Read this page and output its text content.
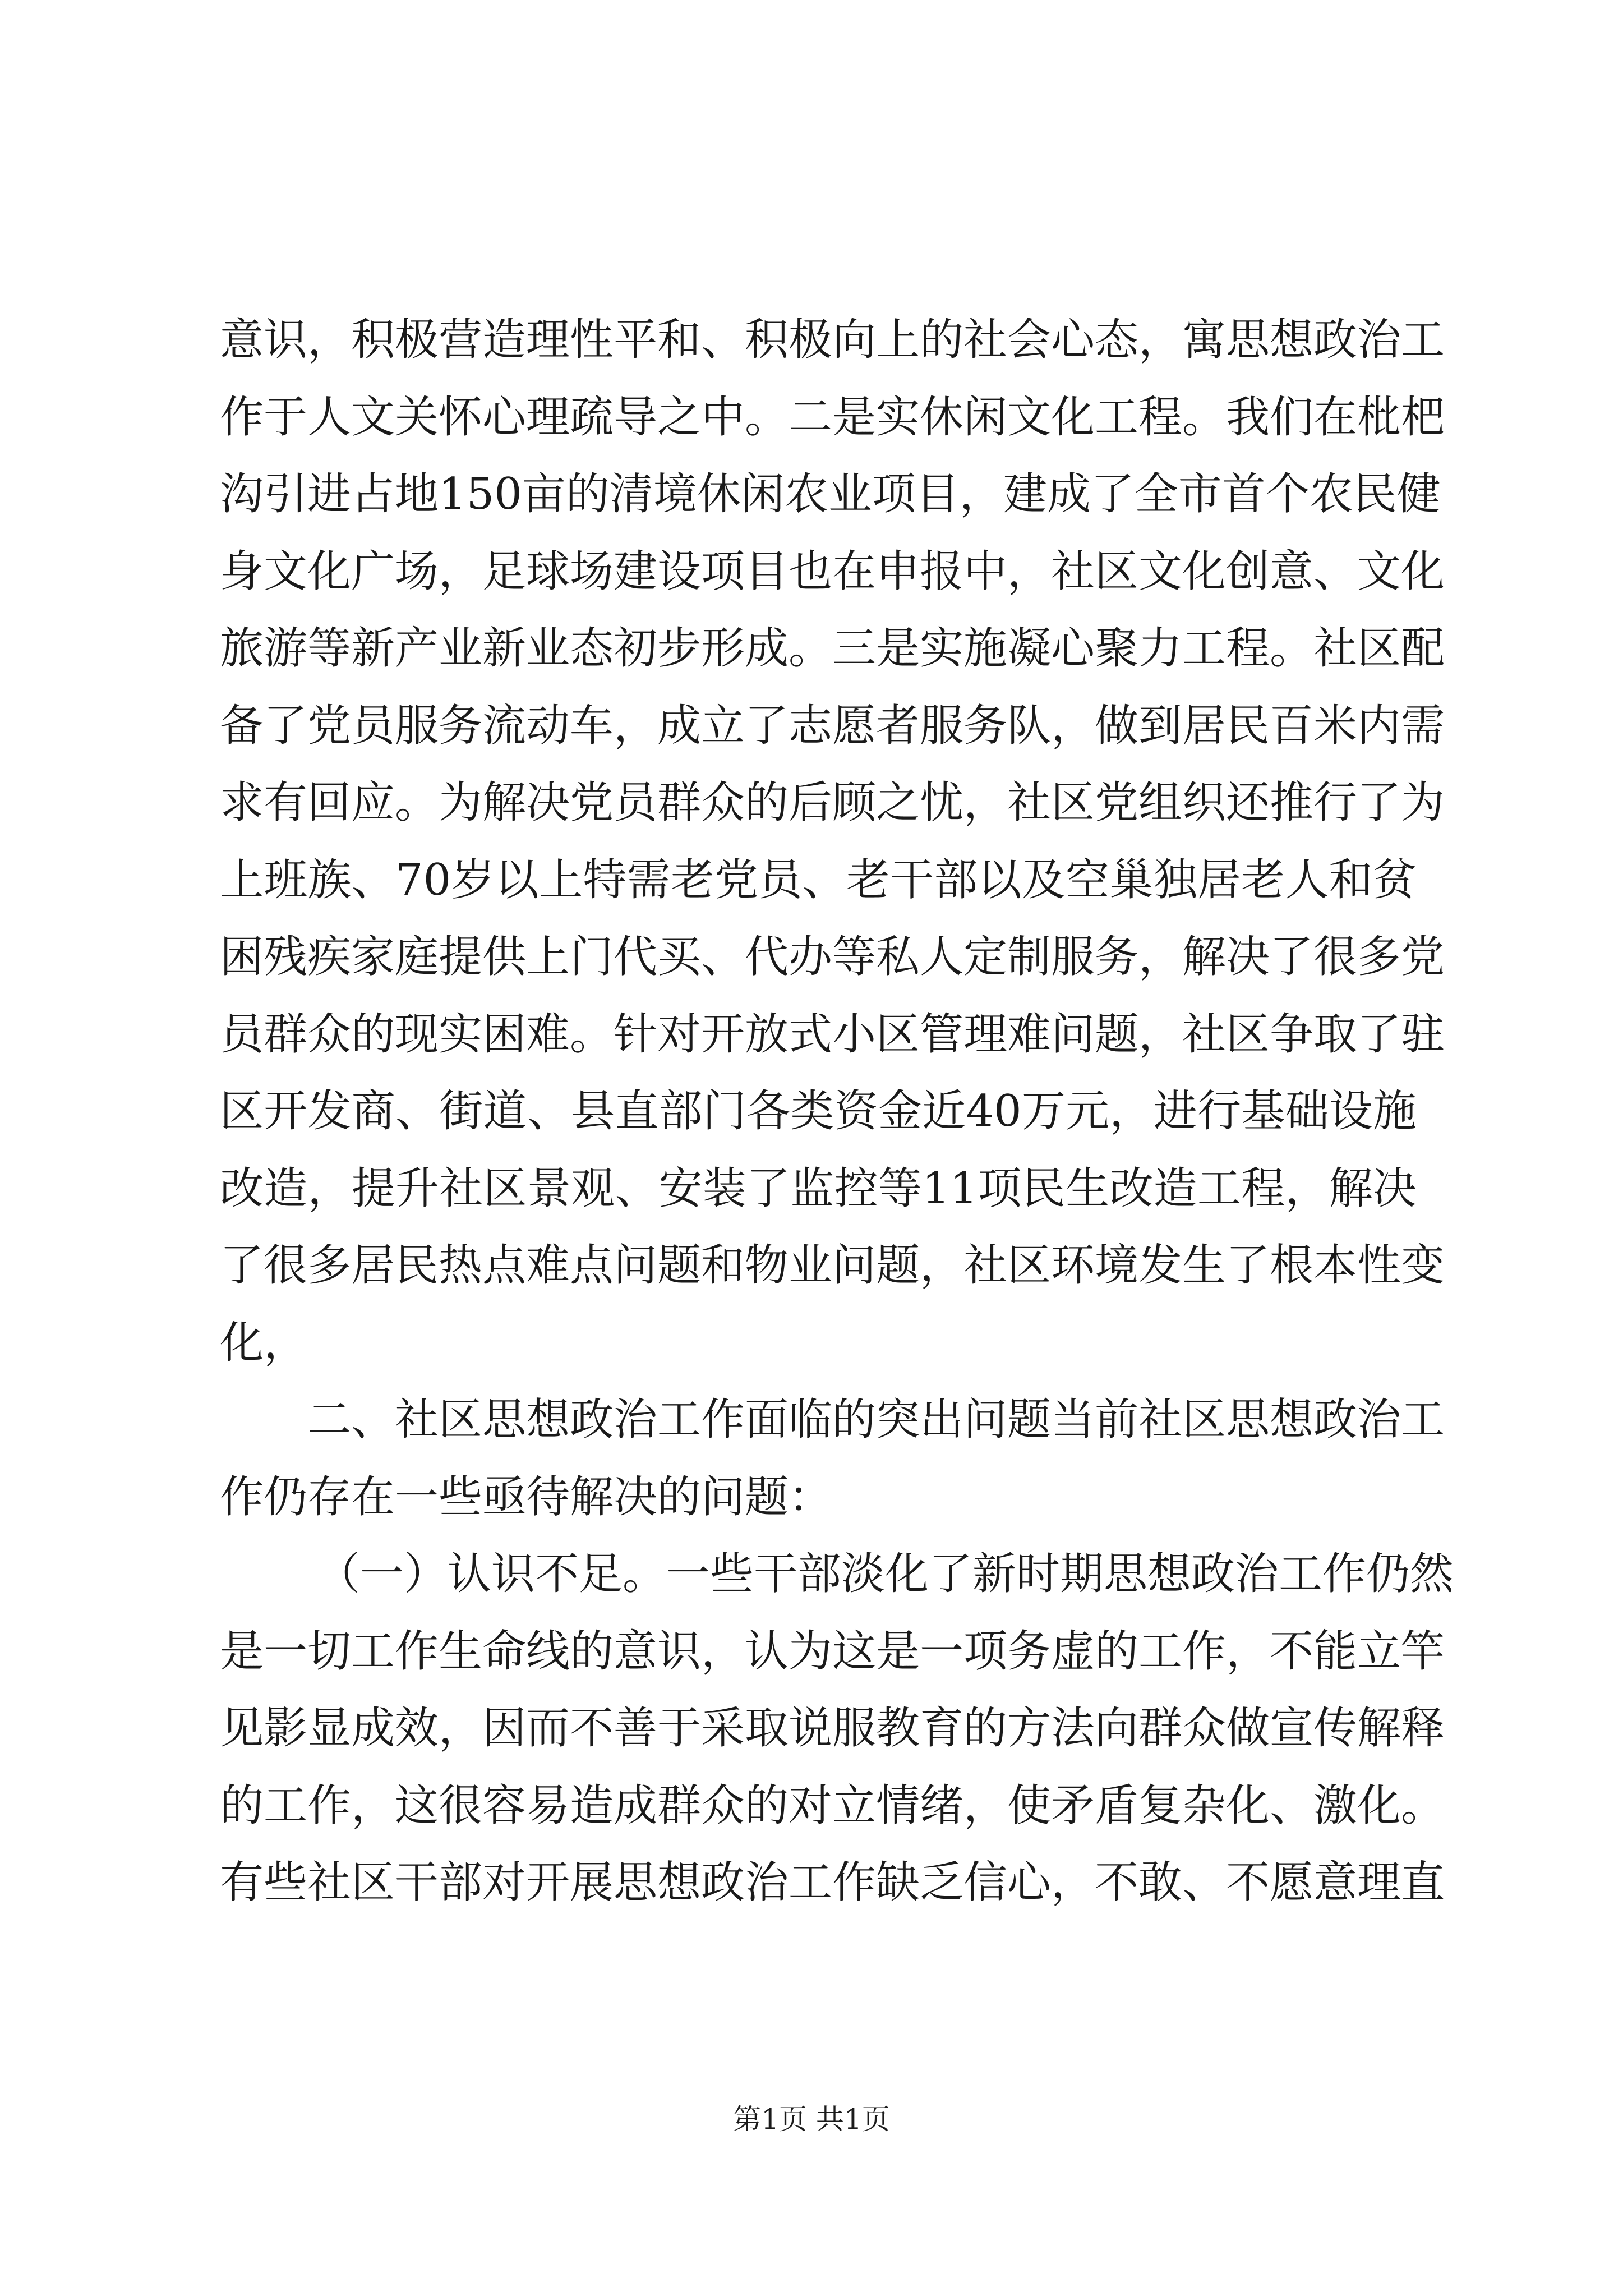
意识，积极营造理性平和、积极向上的社会心态，寓思想政治工
作于人文关怀心理疏导之中。二是实休闲文化工程。我们在枇杷
沟引进占地150亩的清境休闲农业项目，建成了全市首个农民健
身文化广场，足球场建设项目也在申报中，社区文化创意、文化
旅游等新产业新业态初步形成。三是实施凝心聚力工程。社区配
备了党员服务流动车，成立了志愿者服务队，做到居民百米内需
求有回应。为解决党员群众的后顾之忧，社区党组织还推行了为
上班族、70岁以上特需老党员、老干部以及空巢独居老人和贫
困残疾家庭提供上门代买、代办等私人定制服务，解决了很多党
员群众的现实困难。针对开放式小区管理难问题，社区争取了驻
区开发商、街道、县直部门各类资金近40万元，进行基础设施
改造，提升社区景观、安装了监控等11项民生改造工程，解决
了很多居民热点难点问题和物业问题，社区环境发生了根本性变
化，
二、社区思想政治工作面临的突出问题当前社区思想政治工
作仍存在一些亟待解决的问题：
（一）认识不足。一些干部淡化了新时期思想政治工作仍然
是一切工作生命线的意识，认为这是一项务虚的工作，不能立竿
见影显成效，因而不善于采取说服教育的方法向群众做宣传解释
的工作，这很容易造成群众的对立情绪，使矛盾复杂化、激化。
有些社区干部对开展思想政治工作缺乏信心，不敢、不愿意理直
第1页 共1页
